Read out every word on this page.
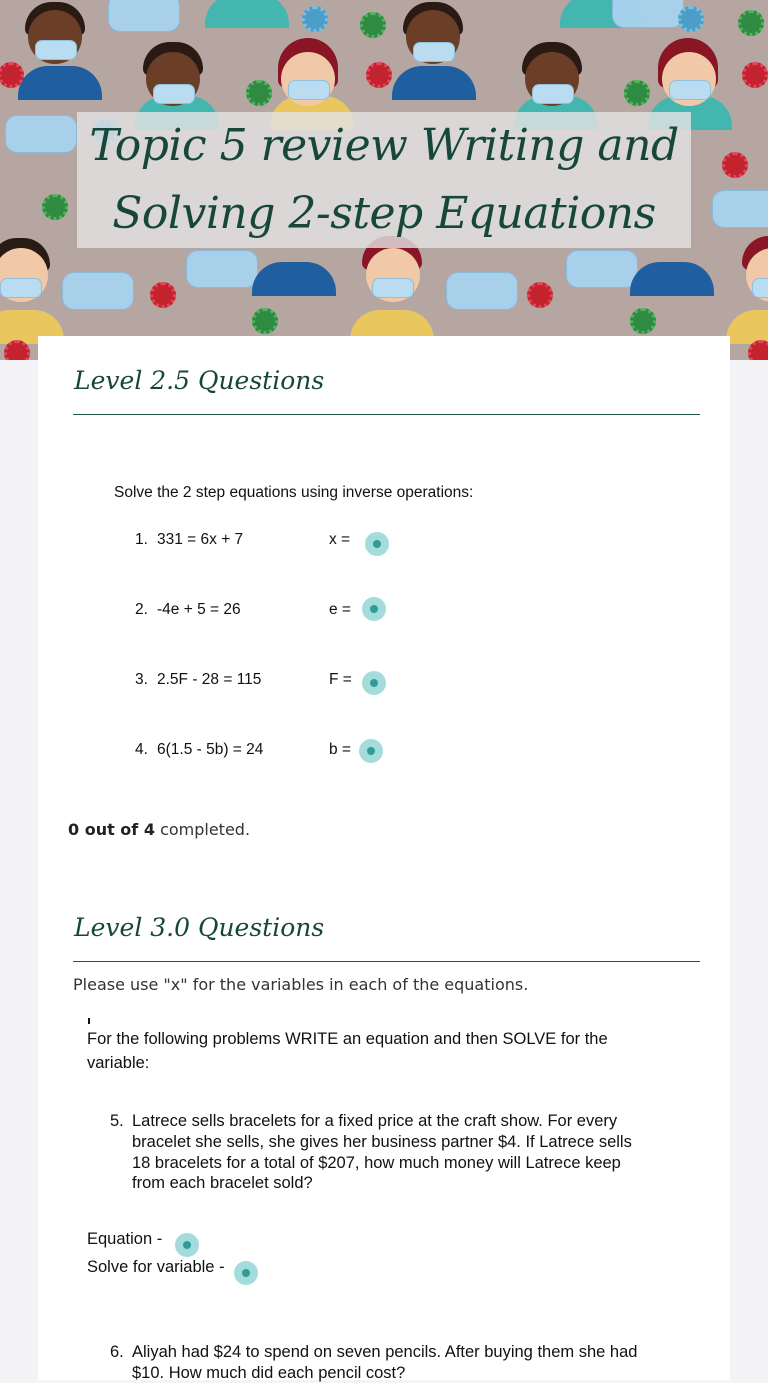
Topic 5 review Writing and
Solving 2-step Equations
Level 2.5 Questions
Solve the 2 step equations using inverse operations:
1. 331 = 6x + 7	x =
2. -4e + 5 = 26	e =
3. 2.5F - 28 = 115	F =
4. 6(1.5 - 5b) = 24	b =
0 out of 4 completed.
Level 3.0 Questions
Please use "x" for the variables in each of the equations.
For the following problems WRITE an equation and then SOLVE for the
variable:
5. Latrece sells bracelets for a fixed price at the craft show. For every
bracelet she sells, she gives her business partner $4. If Latrece sells
18 bracelets for a total of $207, how much money will Latrece keep
from each bracelet sold?
Equation -
Solve for variable -
6. Aliyah had $24 to spend on seven pencils. After buying them she had
$10. How much did each pencil cost?
